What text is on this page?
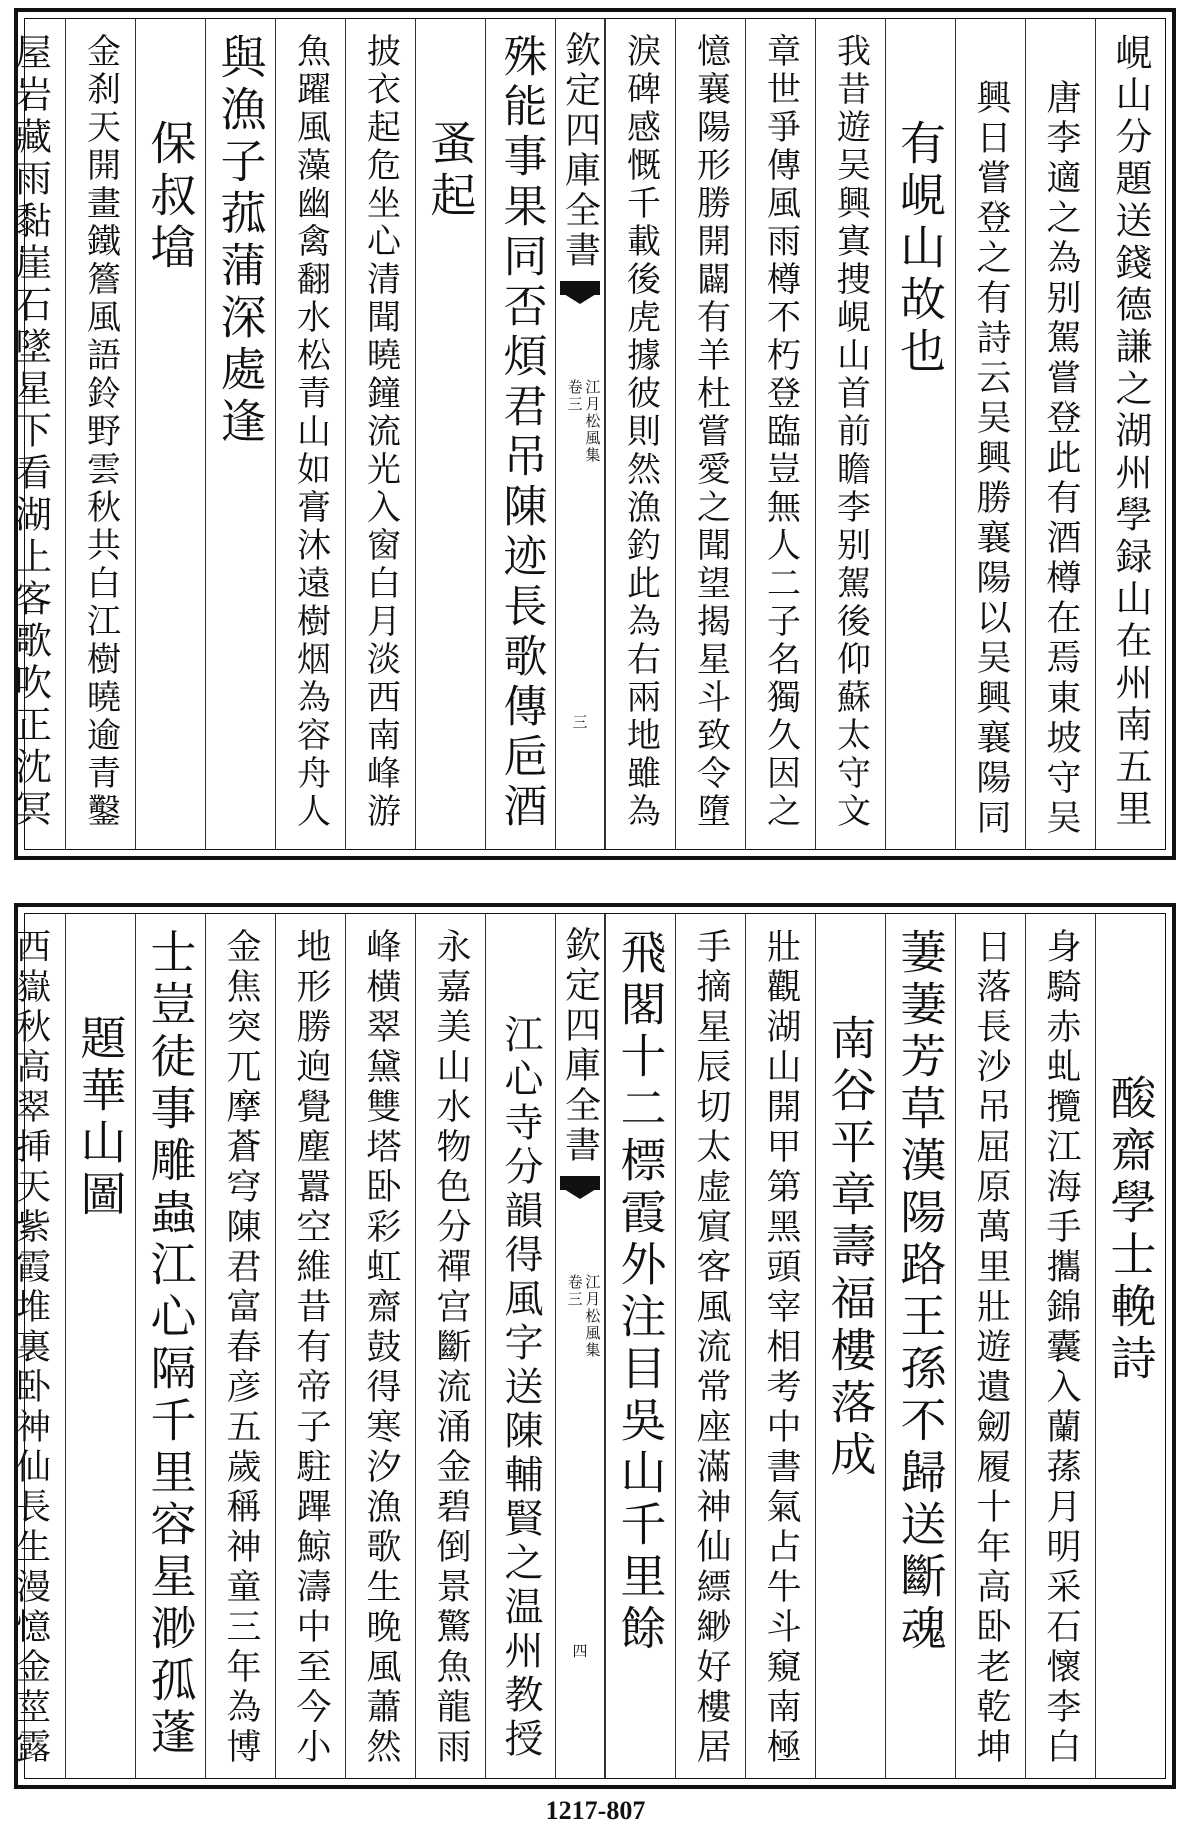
峴山分題送錢德謙之湖州學録山在州南五里
唐李適之為别駕嘗登此有酒樽在焉東坡守吴
興日嘗登之有詩云吴興勝襄陽以吴興襄陽同
有峴山故也
我昔遊吴興寘捜峴山首前瞻李别駕後仰蘇太守文
章世爭傳風雨樽不朽登臨豈無人二子名獨久因之
憶襄陽形勝開闢有羊杜嘗愛之聞望揭星斗致令墮
淚碑感慨千載後虎據彼則然漁釣此為右兩地雖為
欽定四庫全書
江月松風集
卷三
三
殊能事果同否煩君吊陳迹長歌傳巵酒
蚤起
披衣起危坐心清聞曉鐘流光入窗白月淡西南峰游
魚躍風藻幽禽翻水松青山如膏沐遠樹烟為容舟人
與漁子菰蒲深處逢
保叔墖
金刹天開畫鐵簷風語鈴野雲秋共白江樹曉逾青鑿
屋岩藏雨黏崖石墜星下看湖上客歌吹正沈冥
酸齋學士輓詩
身騎赤虬攬江海手攜錦囊入蘭蓀月明采石懷李白
日落長沙吊屈原萬里壯遊遺劒履十年高卧老乾坤
萋萋芳草漢陽路王孫不歸送斷魂
南谷平章壽福樓落成
壯觀湖山開甲第黑頭宰相考中書氣占牛斗窺南極
手摘星辰切太虚賔客風流常座滿神仙縹緲好樓居
飛閣十二標霞外注目吳山千里餘
欽定四庫全書
江月松風集
卷三
四
江心寺分韻得風字送陳輔賢之温州教授
永嘉美山水物色分禪宫斷流涌金碧倒景驚魚龍雨
峰横翠黛雙塔卧彩虹齋鼓得寒汐漁歌生晚風蕭然
地形勝逈覺塵囂空維昔有帝子駐蹕鯨濤中至今小
金焦突兀摩蒼穹陳君富春彦五歲稱神童三年為博
士豈徒事雕蟲江心隔千里容星渺孤蓬
題華山圖
西嶽秋高翠挿天紫霞堆裏卧神仙長生漫憶金莖露
1217-807
